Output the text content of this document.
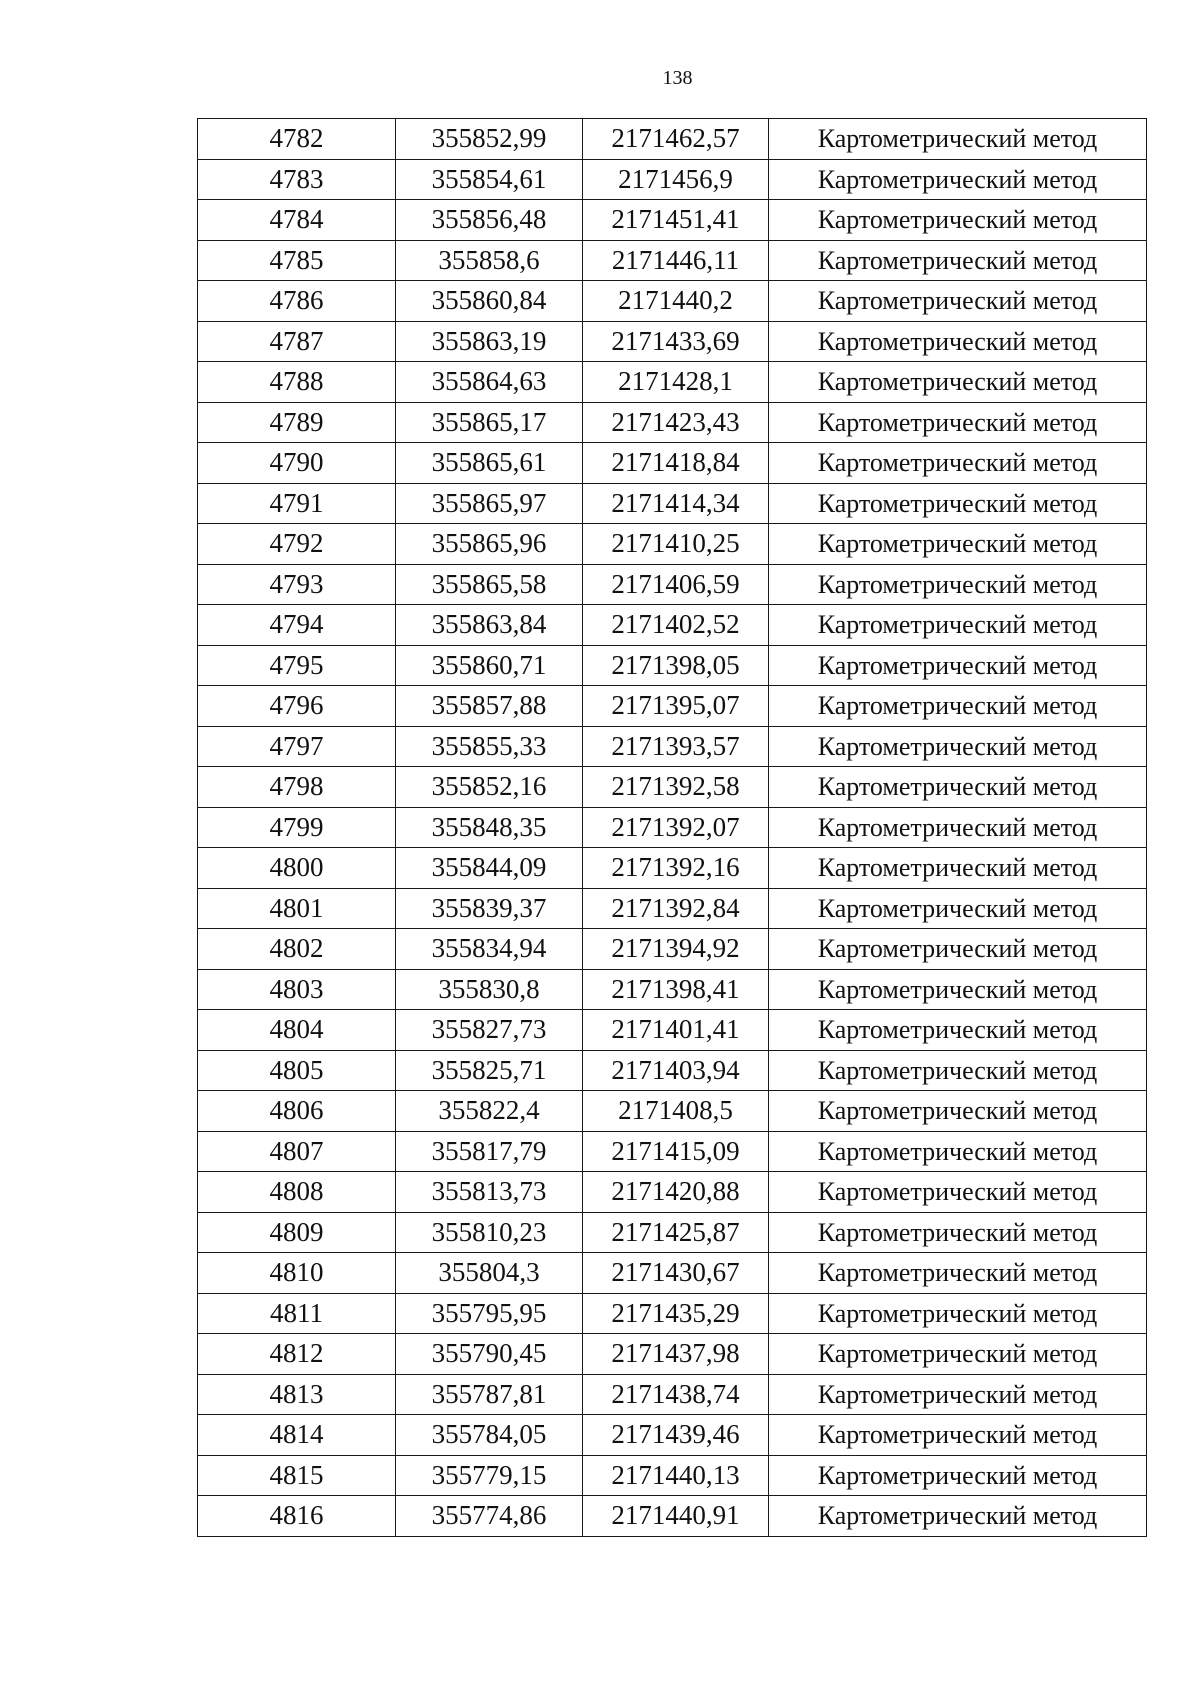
138
4782	355852,99	2171462,57	Картометрический метод
4783	355854,61	2171456,9	Картометрический метод
4784	355856,48	2171451,41	Картометрический метод
4785	355858,6	2171446,11	Картометрический метод
4786	355860,84	2171440,2	Картометрический метод
4787	355863,19	2171433,69	Картометрический метод
4788	355864,63	2171428,1	Картометрический метод
4789	355865,17	2171423,43	Картометрический метод
4790	355865,61	2171418,84	Картометрический метод
4791	355865,97	2171414,34	Картометрический метод
4792	355865,96	2171410,25	Картометрический метод
4793	355865,58	2171406,59	Картометрический метод
4794	355863,84	2171402,52	Картометрический метод
4795	355860,71	2171398,05	Картометрический метод
4796	355857,88	2171395,07	Картометрический метод
4797	355855,33	2171393,57	Картометрический метод
4798	355852,16	2171392,58	Картометрический метод
4799	355848,35	2171392,07	Картометрический метод
4800	355844,09	2171392,16	Картометрический метод
4801	355839,37	2171392,84	Картометрический метод
4802	355834,94	2171394,92	Картометрический метод
4803	355830,8	2171398,41	Картометрический метод
4804	355827,73	2171401,41	Картометрический метод
4805	355825,71	2171403,94	Картометрический метод
4806	355822,4	2171408,5	Картометрический метод
4807	355817,79	2171415,09	Картометрический метод
4808	355813,73	2171420,88	Картометрический метод
4809	355810,23	2171425,87	Картометрический метод
4810	355804,3	2171430,67	Картометрический метод
4811	355795,95	2171435,29	Картометрический метод
4812	355790,45	2171437,98	Картометрический метод
4813	355787,81	2171438,74	Картометрический метод
4814	355784,05	2171439,46	Картометрический метод
4815	355779,15	2171440,13	Картометрический метод
4816	355774,86	2171440,91	Картометрический метод
